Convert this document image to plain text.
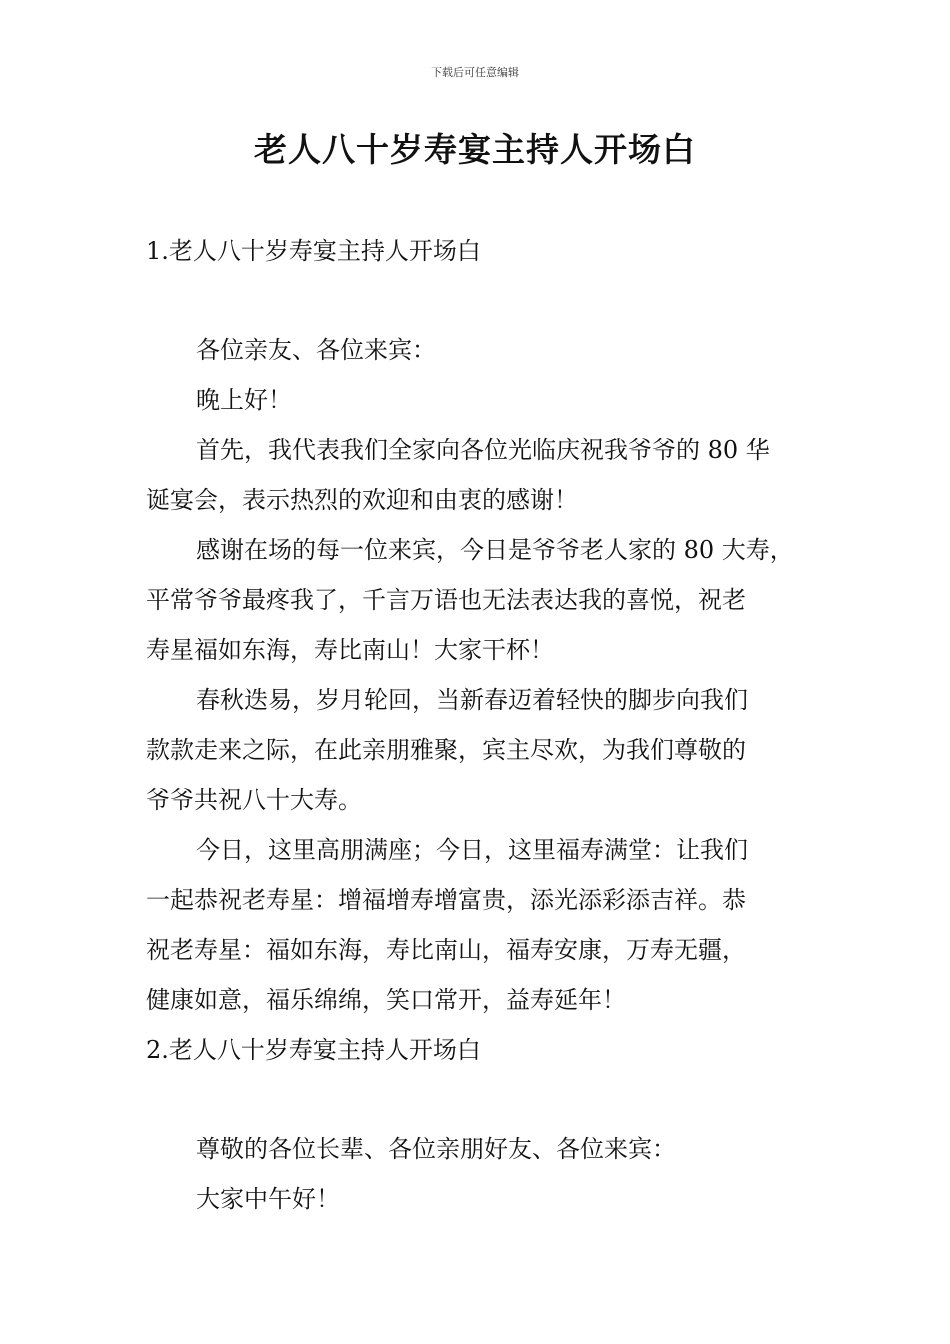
下载后可任意编辑
老人八十岁寿宴主持人开场白
1.老人八十岁寿宴主持人开场白

各位亲友、各位来宾：

晚上好！

首先，我代表我们全家向各位光临庆祝我爷爷的 80 华

诞宴会，表示热烈的欢迎和由衷的感谢！

感谢在场的每一位来宾，今日是爷爷老人家的 80 大寿，

平常爷爷最疼我了，千言万语也无法表达我的喜悦，祝老

寿星福如东海，寿比南山！大家干杯！

春秋迭易，岁月轮回，当新春迈着轻快的脚步向我们

款款走来之际，在此亲朋雅聚，宾主尽欢，为我们尊敬的

爷爷共祝八十大寿。

今日，这里高朋满座；今日，这里福寿满堂：让我们

一起恭祝老寿星：增福增寿增富贵，添光添彩添吉祥。恭

祝老寿星：福如东海，寿比南山，福寿安康，万寿无疆，

健康如意，福乐绵绵，笑口常开，益寿延年！

2.老人八十岁寿宴主持人开场白

尊敬的各位长辈、各位亲朋好友、各位来宾：

大家中午好！
